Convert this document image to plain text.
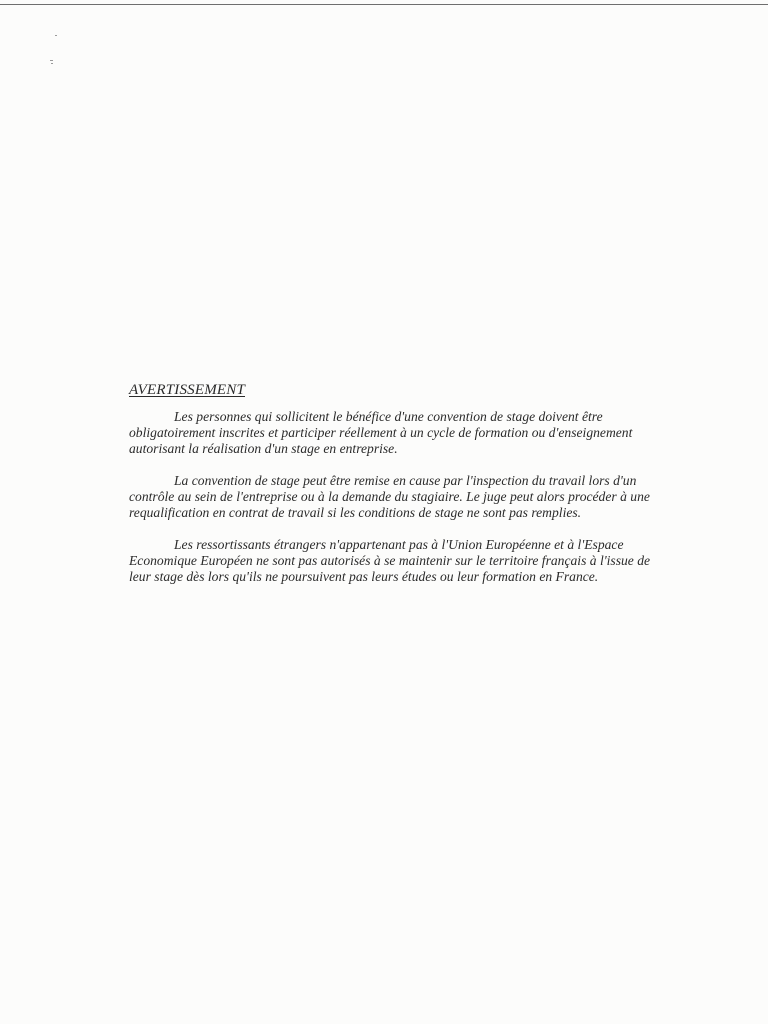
AVERTISSEMENT

Les personnes qui sollicitent le bénéfice d'une convention de stage doivent être
obligatoirement inscrites et participer réellement à un cycle de formation ou d'enseignement
autorisant la réalisation d'un stage en entreprise.

La convention de stage peut être remise en cause par l'inspection du travail lors d'un
contrôle au sein de l'entreprise ou à la demande du stagiaire. Le juge peut alors procéder à une
requalification en contrat de travail si les conditions de stage ne sont pas remplies.

Les ressortissants étrangers n'appartenant pas à l'Union Européenne et à l'Espace
Economique Européen ne sont pas autorisés à se maintenir sur le territoire français à l'issue de
leur stage dès lors qu'ils ne poursuivent pas leurs études ou leur formation en France.
